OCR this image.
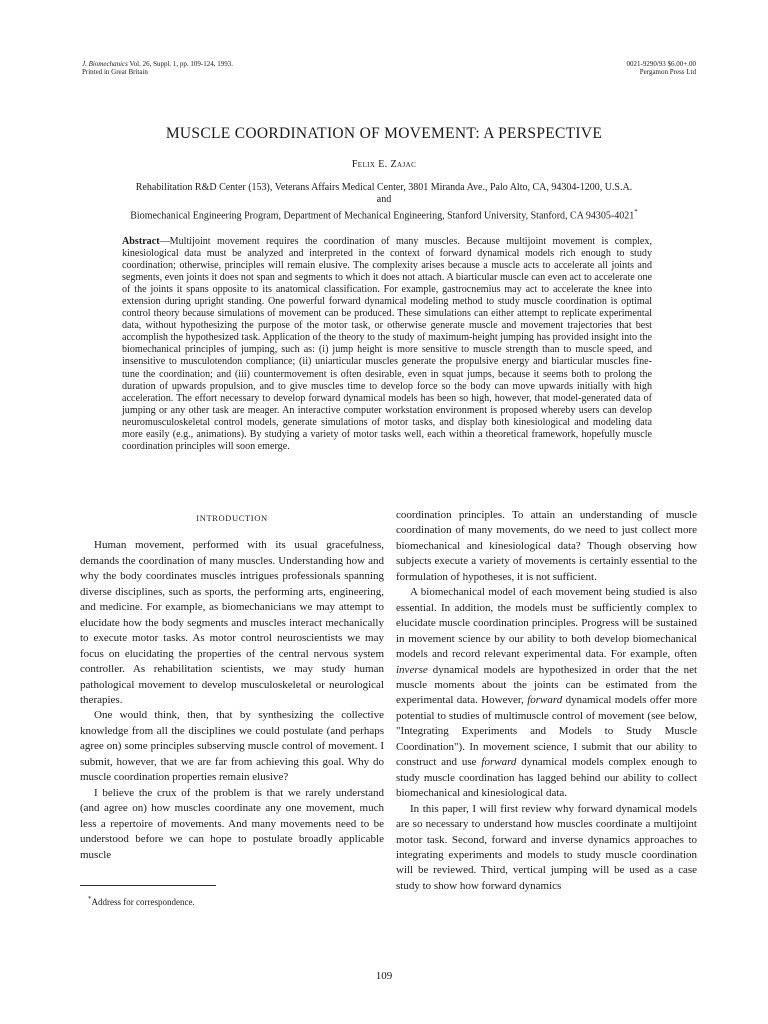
J. Biomechanics Vol. 26, Suppl. 1, pp. 109-124, 1993.
Printed in Great Britain
0021-9290/93 $6.00+.00
Pergamon Press Ltd
MUSCLE COORDINATION OF MOVEMENT: A PERSPECTIVE
Felix E. Zajac
Rehabilitation R&D Center (153), Veterans Affairs Medical Center, 3801 Miranda Ave., Palo Alto, CA, 94304-1200, U.S.A.
and
Biomechanical Engineering Program, Department of Mechanical Engineering, Stanford University, Stanford, CA 94305-4021*
Abstract—Multijoint movement requires the coordination of many muscles. Because multijoint movement is complex, kinesiological data must be analyzed and interpreted in the context of forward dynamical models rich enough to study coordination; otherwise, principles will remain elusive. The complexity arises because a muscle acts to accelerate all joints and segments, even joints it does not span and segments to which it does not attach. A biarticular muscle can even act to accelerate one of the joints it spans opposite to its anatomical classification. For example, gastrocnemius may act to accelerate the knee into extension during upright standing. One powerful forward dynamical modeling method to study muscle coordination is optimal control theory because simulations of movement can be produced. These simulations can either attempt to replicate experimental data, without hypothesizing the purpose of the motor task, or otherwise generate muscle and movement trajectories that best accomplish the hypothesized task. Application of the theory to the study of maximum-height jumping has provided insight into the biomechanical principles of jumping, such as: (i) jump height is more sensitive to muscle strength than to muscle speed, and insensitive to musculotendon compliance; (ii) uniarticular muscles generate the propulsive energy and biarticular muscles fine-tune the coordination; and (iii) countermovement is often desirable, even in squat jumps, because it seems both to prolong the duration of upwards propulsion, and to give muscles time to develop force so the body can move upwards initially with high acceleration. The effort necessary to develop forward dynamical models has been so high, however, that model-generated data of jumping or any other task are meager. An interactive computer workstation environment is proposed whereby users can develop neuromusculoskeletal control models, generate simulations of motor tasks, and display both kinesiological and modeling data more easily (e.g., animations). By studying a variety of motor tasks well, each within a theoretical framework, hopefully muscle coordination principles will soon emerge.
INTRODUCTION

Human movement, performed with its usual gracefulness, demands the coordination of many muscles. Understanding how and why the body coordinates muscles intrigues professionals spanning diverse disciplines, such as sports, the performing arts, engineering, and medicine. For example, as biomechanicians we may attempt to elucidate how the body segments and muscles interact mechanically to execute motor tasks. As motor control neuroscientists we may focus on elucidating the properties of the central nervous system controller. As rehabilitation scientists, we may study human pathological movement to develop musculoskeletal or neurological therapies.

One would think, then, that by synthesizing the collective knowledge from all the disciplines we could postulate (and perhaps agree on) some principles subserving muscle control of movement. I submit, however, that we are far from achieving this goal. Why do muscle coordination properties remain elusive?

I believe the crux of the problem is that we rarely understand (and agree on) how muscles coordinate any one movement, much less a repertoire of movements. And many movements need to be understood before we can hope to postulate broadly applicable muscle

*Address for correspondence.

coordination principles. To attain an understanding of muscle coordination of many movements, do we need to just collect more biomechanical and kinesiological data? Though observing how subjects execute a variety of movements is certainly essential to the formulation of hypotheses, it is not sufficient.

A biomechanical model of each movement being studied is also essential. In addition, the models must be sufficiently complex to elucidate muscle coordination principles. Progress will be sustained in movement science by our ability to both develop biomechanical models and record relevant experimental data. For example, often inverse dynamical models are hypothesized in order that the net muscle moments about the joints can be estimated from the experimental data. However, forward dynamical models offer more potential to studies of multimuscle control of movement (see below, "Integrating Experiments and Models to Study Muscle Coordination"). In movement science, I submit that our ability to construct and use forward dynamical models complex enough to study muscle coordination has lagged behind our ability to collect biomechanical and kinesiological data.

In this paper, I will first review why forward dynamical models are so necessary to understand how muscles coordinate a multijoint motor task. Second, forward and inverse dynamics approaches to integrating experiments and models to study muscle coordination will be reviewed. Third, vertical jumping will be used as a case study to show how forward dynamics

109
